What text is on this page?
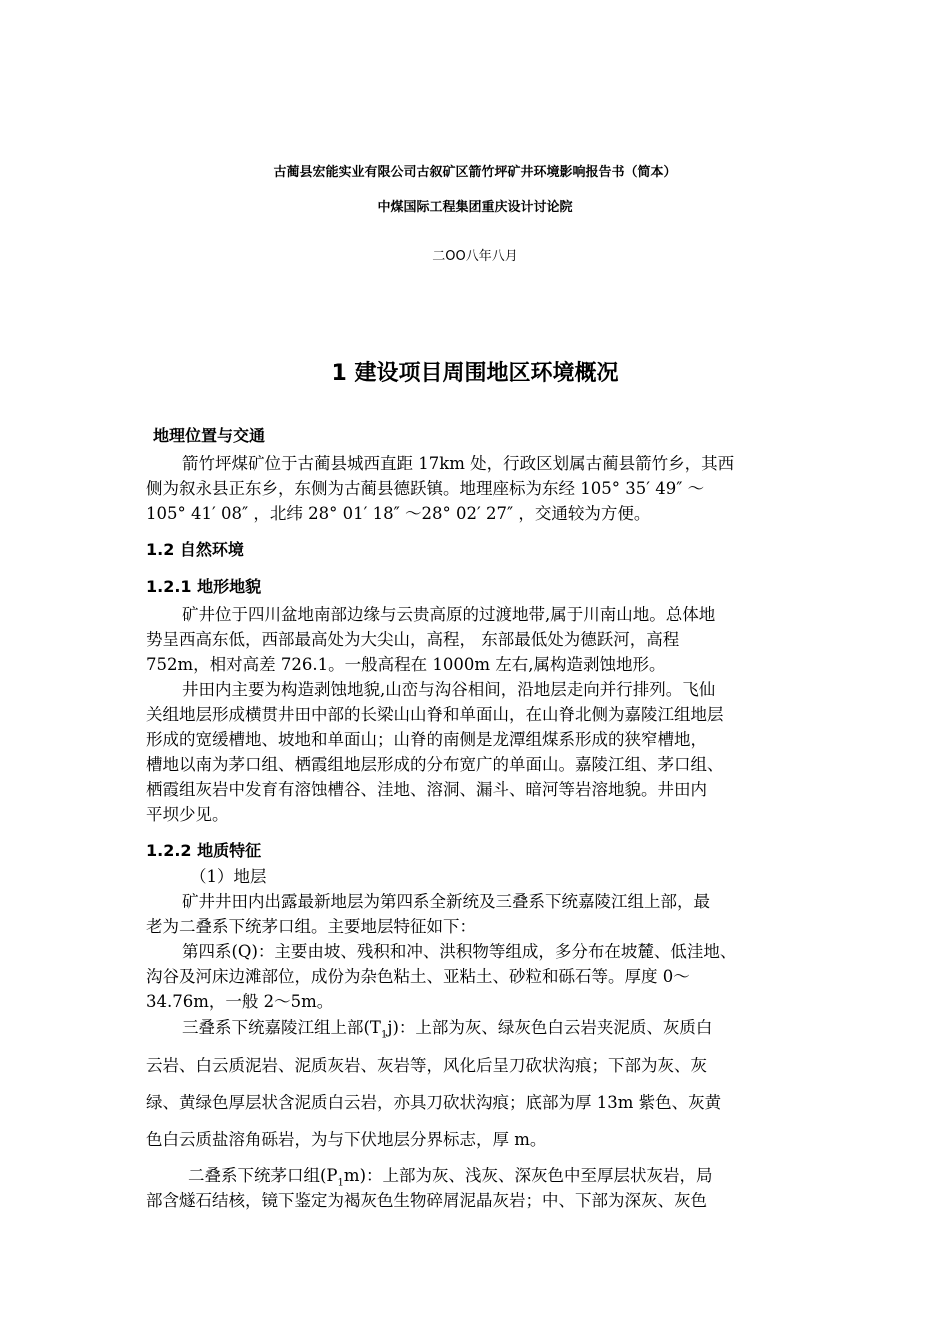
古蔺县宏能实业有限公司古叙矿区箭竹坪矿井环境影响报告书（简本）
中煤国际工程集团重庆设计讨论院
二OO八年八月
1 建设项目周围地区环境概况
地理位置与交通
箭竹坪煤矿位于古蔺县城西直距 17km 处，行政区划属古蔺县箭竹乡，其西
侧为叙永县正东乡，东侧为古蔺县德跃镇。地理座标为东经 105° 35′ 49″ ～
105° 41′ 08″ ，北纬 28° 01′ 18″ ～28° 02′ 27″ ，交通较为方便。
1.2 自然环境
1.2.1 地形地貌
矿井位于四川盆地南部边缘与云贵高原的过渡地带,属于川南山地。总体地
势呈西高东低，西部最高处为大尖山，高程， 东部最低处为德跃河，高程
752m，相对高差 726.1。一般高程在 1000m 左右,属构造剥蚀地形。
井田内主要为构造剥蚀地貌,山峦与沟谷相间，沿地层走向并行排列。飞仙
关组地层形成横贯井田中部的长梁山山脊和单面山，在山脊北侧为嘉陵江组地层
形成的宽缓槽地、坡地和单面山；山脊的南侧是龙潭组煤系形成的狭窄槽地，
槽地以南为茅口组、栖霞组地层形成的分布宽广的单面山。嘉陵江组、茅口组、
栖霞组灰岩中发育有溶蚀槽谷、洼地、溶洞、漏斗、暗河等岩溶地貌。井田内
平坝少见。
1.2.2 地质特征
（1）地层
矿井井田内出露最新地层为第四系全新统及三叠系下统嘉陵江组上部，最
老为二叠系下统茅口组。主要地层特征如下：
第四系(Q)：主要由坡、残积和冲、洪积物等组成，多分布在坡麓、低洼地、
沟谷及河床边滩部位，成份为杂色粘土、亚粘土、砂粒和砾石等。厚度 0～
34.76m，一般 2～5m。
三叠系下统嘉陵江组上部$(T_1j)$：上部为灰、绿灰色白云岩夹泥质、灰质白
云岩、白云质泥岩、泥质灰岩、灰岩等，风化后呈刀砍状沟痕；下部为灰、灰
绿、黄绿色厚层状含泥质白云岩，亦具刀砍状沟痕；底部为厚 13m 紫色、灰黄
色白云质盐溶角砾岩，为与下伏地层分界标志，厚 m。
二叠系下统茅口组$(P_1m)$：上部为灰、浅灰、深灰色中至厚层状灰岩，局
部含燧石结核，镜下鉴定为褐灰色生物碎屑泥晶灰岩；中、下部为深灰、灰色
